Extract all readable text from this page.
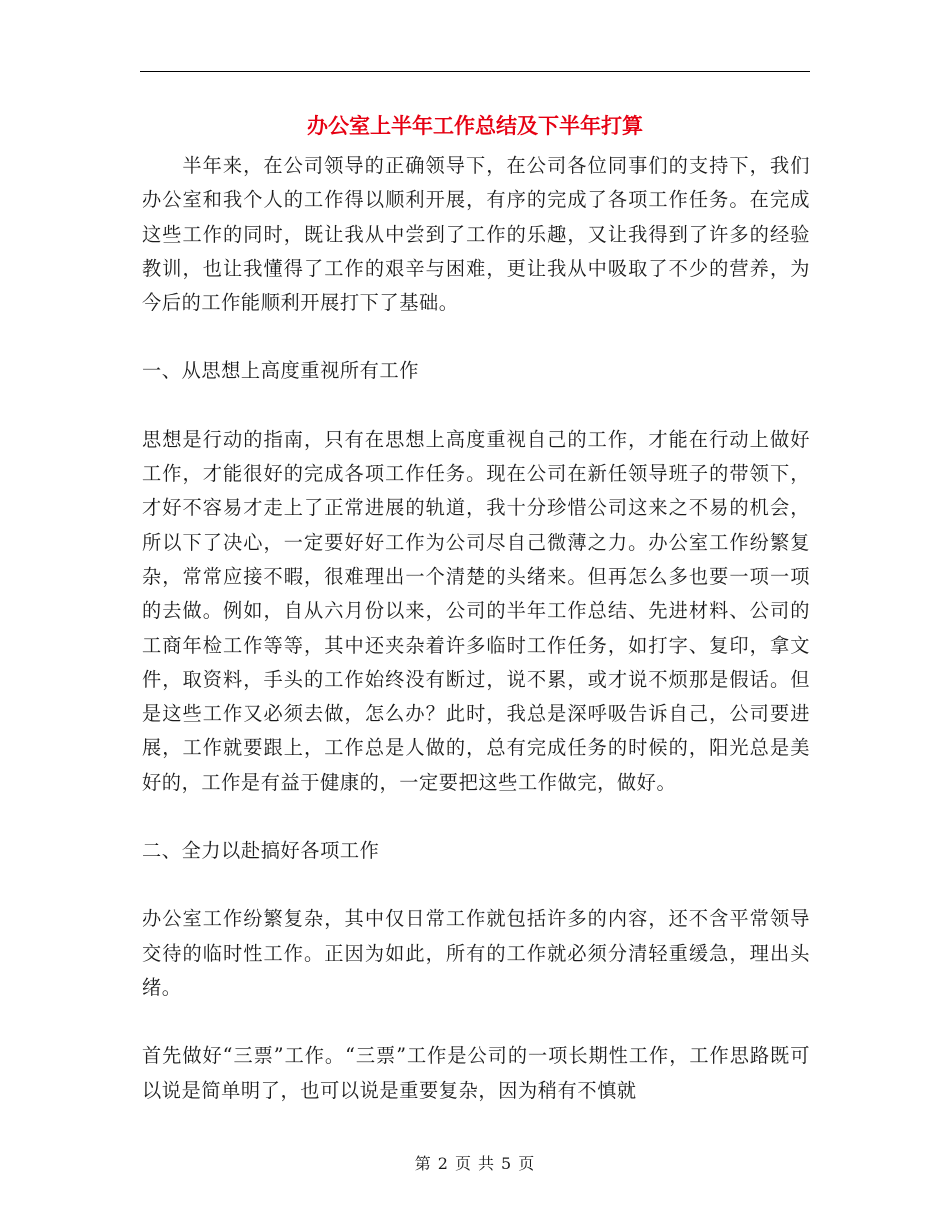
办公室上半年工作总结及下半年打算

半年来，在公司领导的正确领导下，在公司各位同事们的支持下，我们办公室和我个人的工作得以顺利开展，有序的完成了各项工作任务。在完成这些工作的同时，既让我从中尝到了工作的乐趣，又让我得到了许多的经验教训，也让我懂得了工作的艰辛与困难，更让我从中吸取了不少的营养，为今后的工作能顺利开展打下了基础。

一、从思想上高度重视所有工作

思想是行动的指南，只有在思想上高度重视自己的工作，才能在行动上做好工作，才能很好的完成各项工作任务。现在公司在新任领导班子的带领下，才好不容易才走上了正常进展的轨道，我十分珍惜公司这来之不易的机会，所以下了决心，一定要好好工作为公司尽自己微薄之力。办公室工作纷繁复杂，常常应接不暇，很难理出一个清楚的头绪来。但再怎么多也要一项一项的去做。例如，自从六月份以来，公司的半年工作总结、先进材料、公司的工商年检工作等等，其中还夹杂着许多临时工作任务，如打字、复印，拿文件，取资料，手头的工作始终没有断过，说不累，或才说不烦那是假话。但是这些工作又必须去做，怎么办？此时，我总是深呼吸告诉自己，公司要进展，工作就要跟上，工作总是人做的，总有完成任务的时候的，阳光总是美好的，工作是有益于健康的，一定要把这些工作做完，做好。

二、全力以赴搞好各项工作

办公室工作纷繁复杂，其中仅日常工作就包括许多的内容，还不含平常领导交待的临时性工作。正因为如此，所有的工作就必须分清轻重缓急，理出头绪。

首先做好“三票”工作。“三票”工作是公司的一项长期性工作，工作思路既可以说是简单明了，也可以说是重要复杂，因为稍有不慎就

第 2 页 共 5 页
